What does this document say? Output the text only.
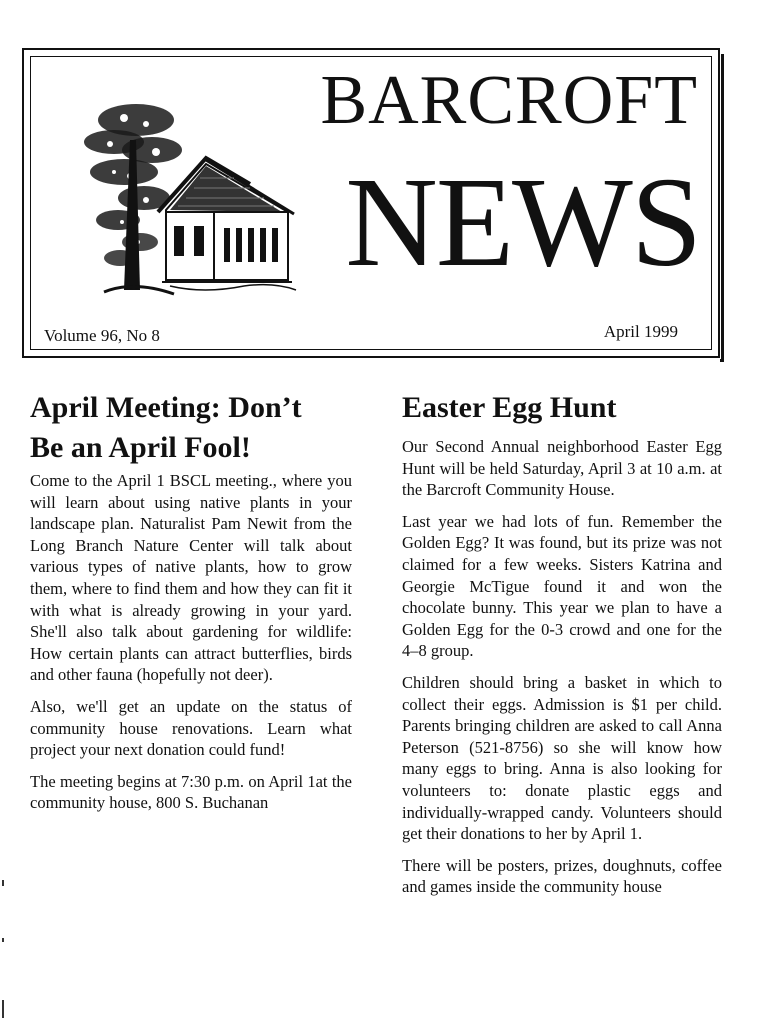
BARCROFT
NEWS
Volume 96, No 8	April 1999
April Meeting: Don’t
Be an April Fool!

Come to the April 1 BSCL meeting., where you will learn about using native plants in your landscape plan. Naturalist Pam Newit from the Long Branch Nature Center will talk about various types of native plants, how to grow them, where to find them and how they can fit it with what is already growing in your yard. She'll also talk about gardening for wildlife: How certain plants can attract butterflies, birds and other fauna (hopefully not deer).

Also, we'll get an update on the status of community house renovations. Learn what project your next donation could fund!

The meeting begins at 7:30 p.m. on April 1at the community house, 800 S. Buchanan

Easter Egg Hunt

Our Second Annual neighborhood Easter Egg Hunt will be held Saturday, April 3 at 10 a.m. at the Barcroft Community House.

Last year we had lots of fun. Remember the Golden Egg? It was found, but its prize was not claimed for a few weeks. Sisters Katrina and Georgie McTigue found it and won the chocolate bunny. This year we plan to have a Golden Egg for the 0-3 crowd and one for the 4–8 group.

Children should bring a basket in which to collect their eggs. Admission is $1 per child. Parents bringing children are asked to call Anna Peterson (521-8756) so she will know how many eggs to bring. Anna is also looking for volunteers to: donate plastic eggs and individually-wrapped candy. Volunteers should get their donations to her by April 1.

There will be posters, prizes, doughnuts, coffee and games inside the community house
